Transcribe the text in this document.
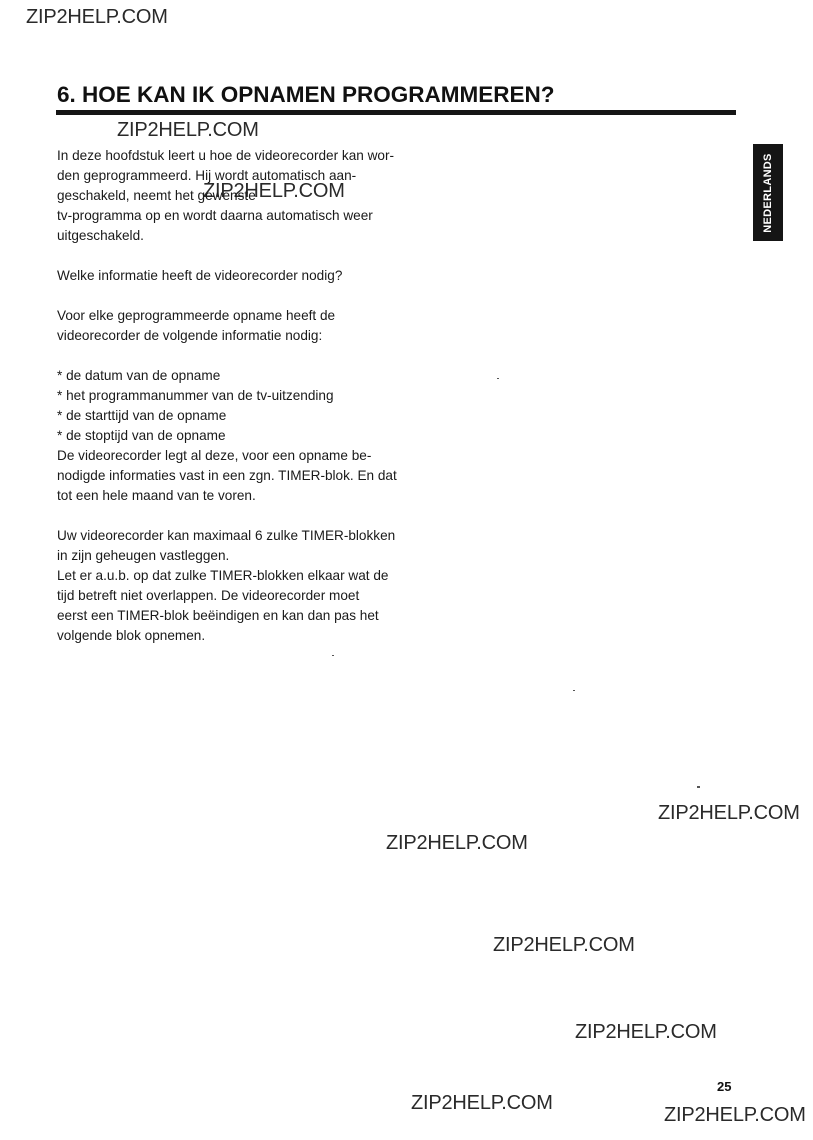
ZIP2HELP.COM
ZIP2HELP.COM
ZIP2HELP.COM
ZIP2HELP.COM
ZIP2HELP.COM
ZIP2HELP.COM
ZIP2HELP.COM
ZIP2HELP.COM
ZIP2HELP.COM
6. HOE KAN IK OPNAMEN PROGRAMMEREN?
NEDERLANDS

In deze hoofdstuk leert u hoe de videorecorder kan wor-
den geprogrammeerd. Hij wordt automatisch aan-
geschakeld, neemt het gewenste
tv-programma op en wordt daarna automatisch weer
uitgeschakeld.

Welke informatie heeft de videorecorder nodig?

Voor elke geprogrammeerde opname heeft de
videorecorder de volgende informatie nodig:

* de datum van de opname
* het programmanummer van de tv-uitzending
* de starttijd van de opname
* de stoptijd van de opname

De videorecorder legt al deze, voor een opname be-
nodigde informaties vast in een zgn. TIMER-blok. En dat
tot een hele maand van te voren.

Uw videorecorder kan maximaal 6 zulke TIMER-blokken
in zijn geheugen vastleggen.
Let er a.u.b. op dat zulke TIMER-blokken elkaar wat de
tijd betreft niet overlappen. De videorecorder moet
eerst een TIMER-blok beëindigen en kan dan pas het
volgende blok opnemen.

25
